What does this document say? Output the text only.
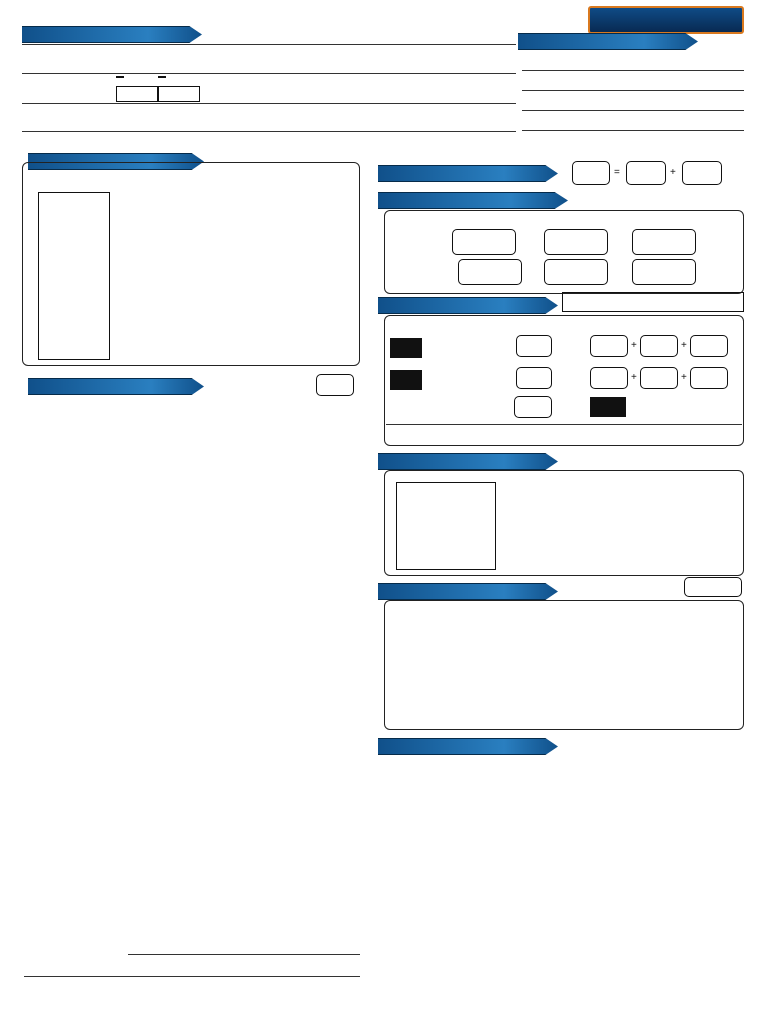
=	+
+	+
+	+
